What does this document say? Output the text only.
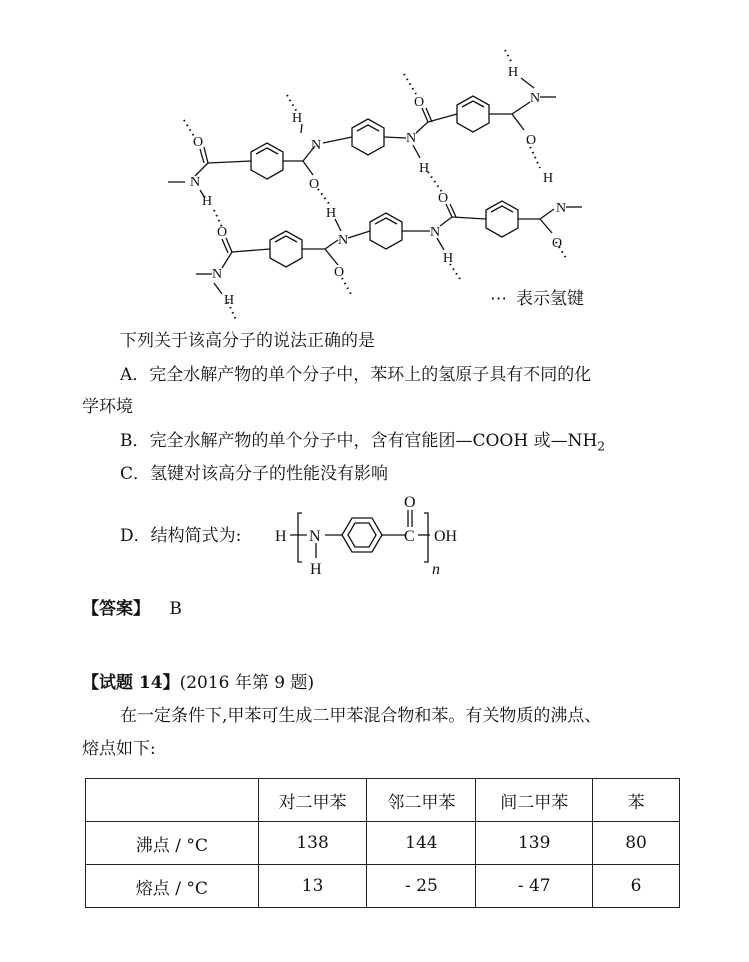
N
O
H
O
H
N	N
O
H
H
N
O
N
O
H
O
H
N
N
O
H
H
N
O
⋯ 表示氢键
下列关于该高分子的说法正确的是
A．完全水解产物的单个分子中，苯环上的氢原子具有不同的化
学环境
B．完全水解产物的单个分子中，含有官能团—COOH 或$—NH_2$
C．氢键对该高分子的性能没有影响
D．结构简式为: H N
H
C
O
OH
n
【答案】 B
【试题 14】(2016 年第 9 题)
在一定条件下,甲苯可生成二甲苯混合物和苯。有关物质的沸点、
熔点如下:
	对二甲苯	邻二甲苯	间二甲苯	苯
沸点 / °C	138	144	139	80
熔点 / °C	13	- 25	- 47	6
